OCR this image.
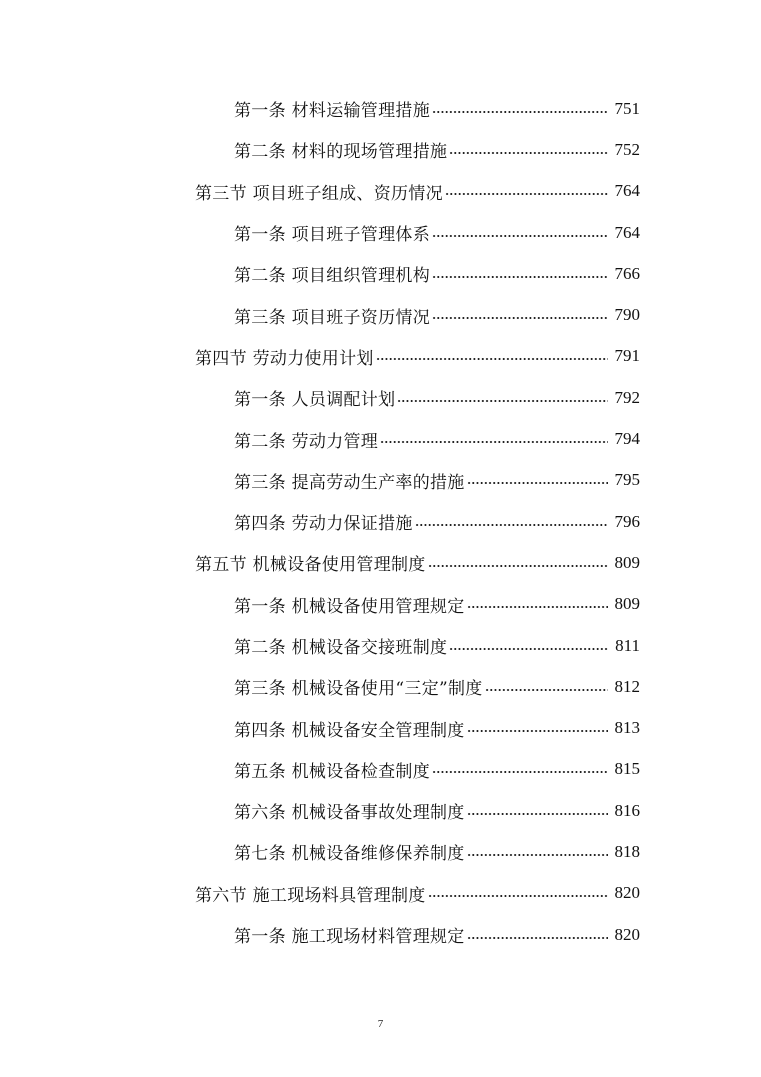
第一条 材料运输管理措施	751
第二条 材料的现场管理措施	752
第三节 项目班子组成、资历情况	764
第一条 项目班子管理体系	764
第二条 项目组织管理机构	766
第三条 项目班子资历情况	790
第四节 劳动力使用计划	791
第一条 人员调配计划	792
第二条 劳动力管理	794
第三条 提高劳动生产率的措施	795
第四条 劳动力保证措施	796
第五节 机械设备使用管理制度	809
第一条 机械设备使用管理规定	809
第二条 机械设备交接班制度	811
第三条 机械设备使用“三定”制度	812
第四条 机械设备安全管理制度	813
第五条 机械设备检查制度	815
第六条 机械设备事故处理制度	816
第七条 机械设备维修保养制度	818
第六节 施工现场料具管理制度	820
第一条 施工现场材料管理规定	820
7
